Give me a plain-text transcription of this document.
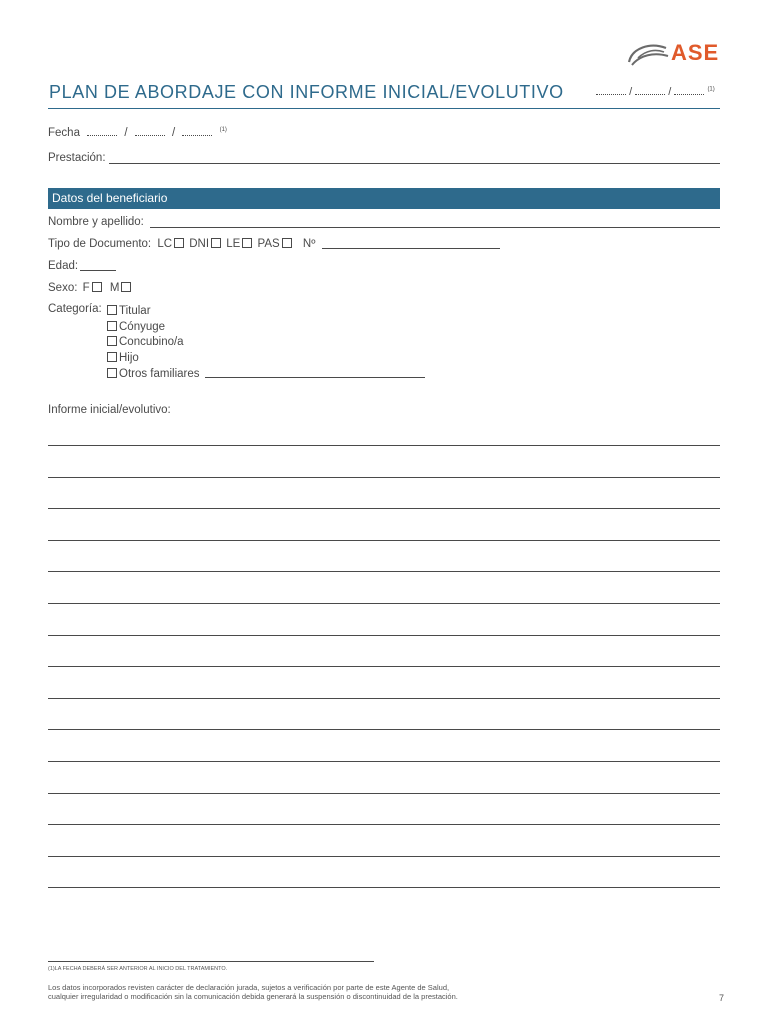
ASE
PLAN DE ABORDAJE CON INFORME INICIAL/EVOLUTIVO	/	/	$^{(1)}$
Fecha	/	/	$^{(1)}$
Prestación:
Datos del beneficiario
Nombre y apellido:
Tipo de Documento: LC DNI LE PAS Nº
Edad:
Sexo: F M
Categoría:	Titular
Cónyuge
Concubino/a
Hijo
Otros familiares
Informe inicial/evolutivo:
(1)LA FECHA DEBERÁ SER ANTERIOR AL INICIO DEL TRATAMIENTO.
Los datos incorporados revisten carácter de declaración jurada, sujetos a verificación por parte de este Agente de Salud,
cualquier irregularidad o modificación sin la comunicación debida generará la suspensión o discontinuidad de la prestación.	7
